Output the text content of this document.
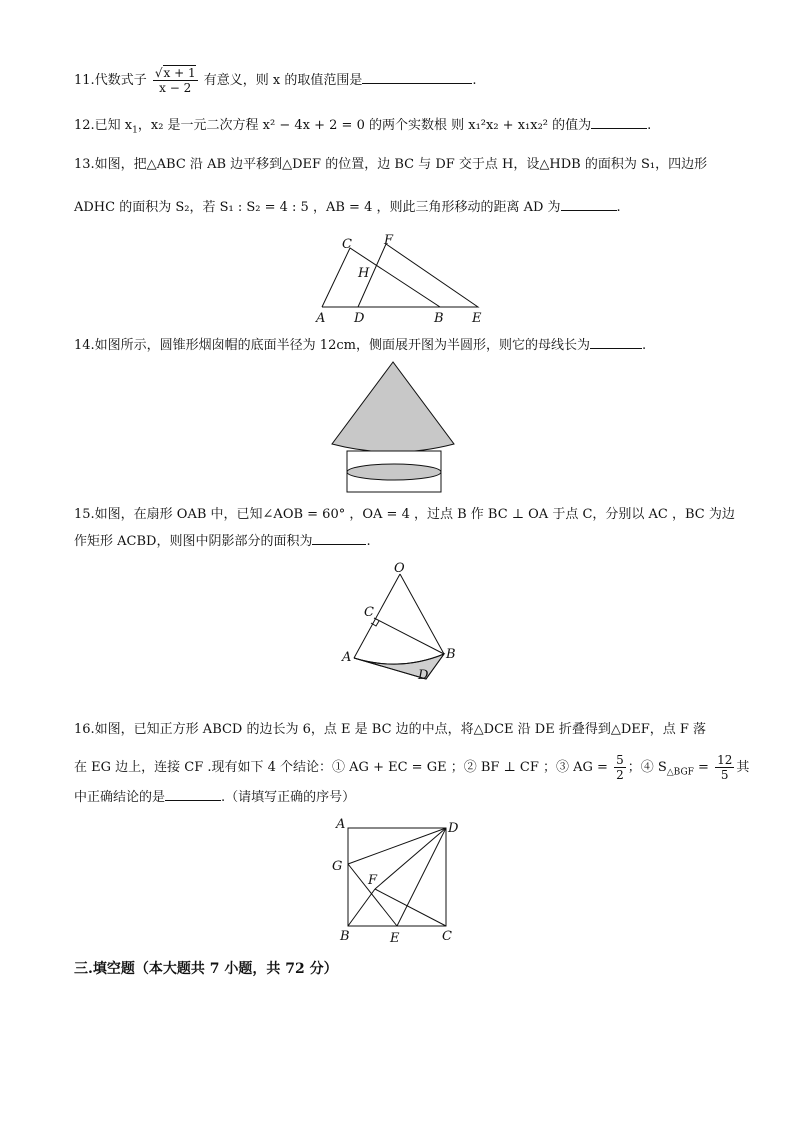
11.代数式子 $\frac{√x + 1}{x - 2}$ 有意义，则 x 的取值范围是	.
12.已知 $x_1$，x₂ 是一元二次方程 x² − 4x + 2 = 0 的两个实数根 则 x₁²x₂ + x₁x₂² 的值为	.
13.如图，把△ABC 沿 AB 边平移到△DEF 的位置，边 BC 与 DF 交于点 H，设△HDB 的面积为 S₁，四边形
ADHC 的面积为 S₂，若 S₁ : S₂ = 4 : 5 ，AB = 4 ，则此三角形移动的距离 AD 为	.
C F
H
A D	B E
14.如图所示，圆锥形烟囱帽的底面半径为 12cm，侧面展开图为半圆形，则它的母线长为	.
15.如图，在扇形 OAB 中，已知∠AOB = 60° ，OA = 4 ，过点 B 作 BC ⊥ OA 于点 C，分别以 AC ，BC 为边
作矩形 ACBD，则图中阴影部分的面积为	.
O
C
A	B
D
16.如图，已知正方形 ABCD 的边长为 6，点 E 是 BC 边的中点，将△DCE 沿 DE 折叠得到△DEF，点 F 落
在 EG 边上，连接 CF .现有如下 4 个结论：① AG + EC = GE ；② BF ⊥ CF ；③ AG = $\frac{5}{2}$ ；④ $S_{\triangle BGF} = \frac{12}{5}$ 其
中正确结论的是	.（请填写正确的序号）
A	D
G
F
B	E	C
三.填空题（本大题共 7 小题，共 72 分）
